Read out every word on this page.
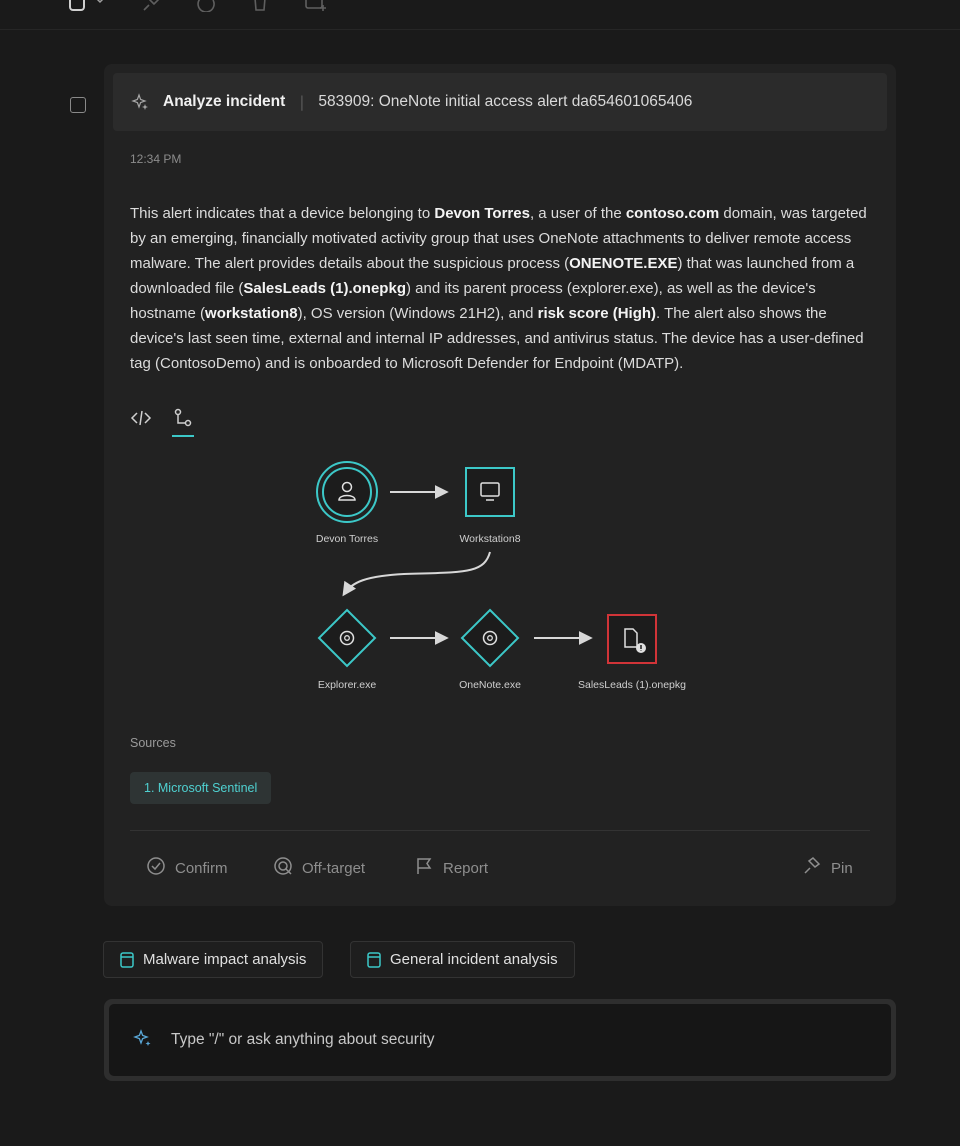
Analyze incident | 583909: OneNote initial access alert da654601065406
12:34 PM
This alert indicates that a device belonging to Devon Torres, a user of the contoso.com domain, was targeted by an emerging, financially motivated activity group that uses OneNote attachments to deliver remote access malware. The alert provides details about the suspicious process (ONENOTE.EXE) that was launched from a downloaded file (SalesLeads (1).onepkg) and its parent process (explorer.exe), as well as the device's hostname (workstation8), OS version (Windows 21H2), and risk score (High). The alert also shows the device's last seen time, external and internal IP addresses, and antivirus status. The device has a user-defined tag (ContosoDemo) and is onboarded to Microsoft Defender for Endpoint (MDATP).
Devon Torres	Workstation8
Explorer.exe	OneNote.exe	SalesLeads (1).onepkg
Sources
1. Microsoft Sentinel
Confirm	Off-target	Report	Pin
Malware impact analysis	General incident analysis
Type "/" or ask anything about security
